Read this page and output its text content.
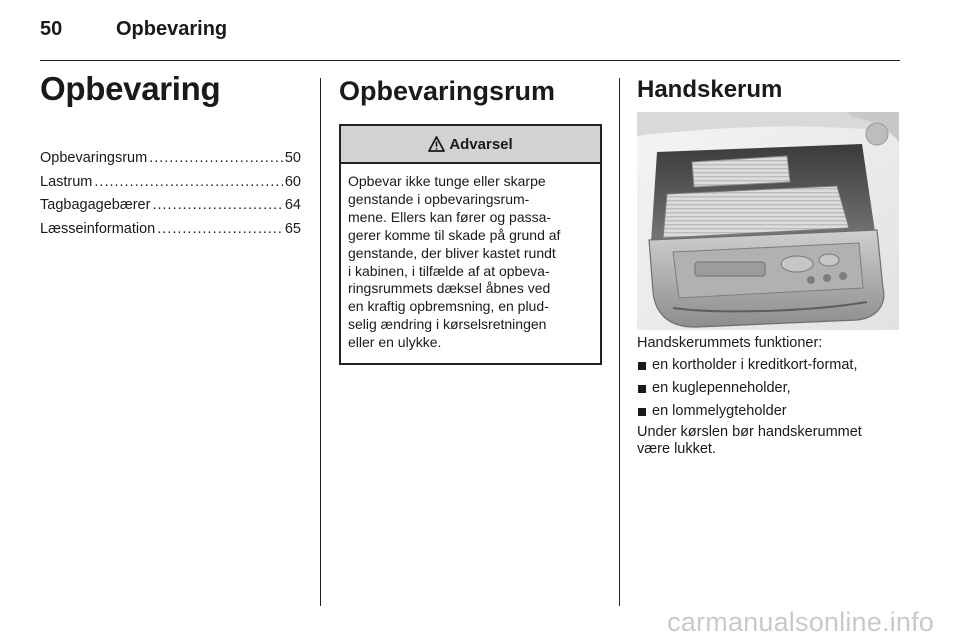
50	Opbevaring
Opbevaring
Opbevaringsrum .....	50
Lastrum .....	60
Tagbagagebærer .....	64
Læsseinformation .....	65
Opbevaringsrum
Advarsel
Opbevar ikke tunge eller skarpe
genstande i opbevaringsrum-
mene. Ellers kan fører og passa-
gerer komme til skade på grund af
genstande, der bliver kastet rundt
i kabinen, i tilfælde af at opbeva-
ringsrummets dæksel åbnes ved
en kraftig opbremsning, en plud-
selig ændring i kørselsretningen
eller en ulykke.
Handskerum
Handskerummets funktioner:
en kortholder i kreditkort-format,
en kuglepenneholder,
en lommelygteholder
Under kørslen bør handskerummet
være lukket.
carmanualsonline.info
